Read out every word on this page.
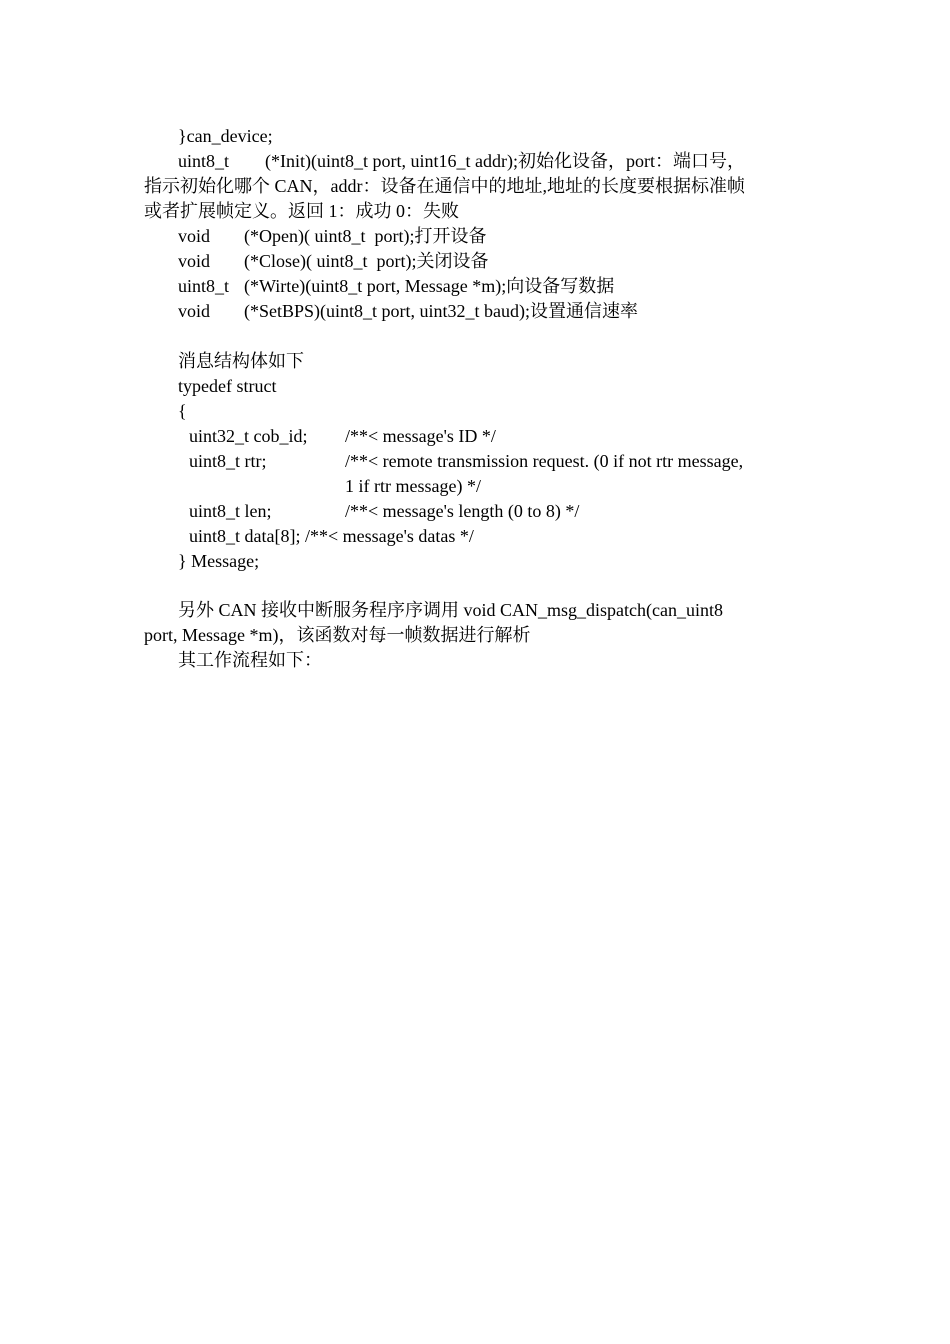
}can_device;
uint8_t        (*Init)(uint8_t port, uint16_t addr);初始化设备，port：端口号，
指示初始化哪个 CAN，addr：设备在通信中的地址,地址的长度要根据标准帧
或者扩展帧定义。返回 1：成功 0：失败
void (*Open)( uint8_t  port);打开设备
void (*Close)( uint8_t  port);关闭设备
uint8_t (*Wirte)(uint8_t port, Message *m);向设备写数据
void (*SetBPS)(uint8_t port, uint32_t baud);设置通信速率
消息结构体如下
typedef struct
{
uint32_t cob_id; /**< message's ID */
uint8_t rtr;	/**< remote transmission request. (0 if not rtr message,
1 if rtr message) */
uint8_t len;	/**< message's length (0 to 8) */
uint8_t data[8]; /**< message's datas */
} Message;
另外 CAN 接收中断服务程序序调用 void CAN_msg_dispatch(can_uint8
port, Message *m)，该函数对每一帧数据进行解析
其工作流程如下：
